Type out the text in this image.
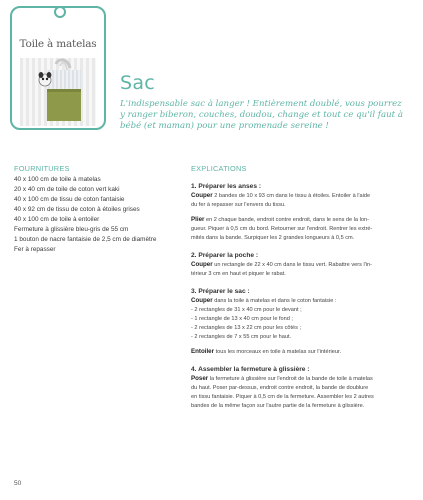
Toile à matelas
Sac
L'indispensable sac à langer ! Entièrement doublé, vous pourrez
y ranger biberon, couches, doudou, change et tout ce qu'il faut à
bébé (et maman) pour une promenade sereine !
FOURNITURES
40 x 100 cm de toile à matelas
20 x 40 cm de toile de coton vert kaki
40 x 100 cm de tissu de coton fantaisie
40 x 92 cm de tissu de coton à étoiles grises
40 x 100 cm de toile à entoiler
Fermeture à glissière bleu-gris de 55 cm
1 bouton de nacre fantaisie de 2,5 cm de diamètre
Fer à repasser
EXPLICATIONS
1. Préparer les anses :
Couper 2 bandes de 10 x 93 cm dans le tissu à étoiles. Entoiler à l'aide
du fer à repasser sur l'envers du tissu.
Plier en 2 chaque bande, endroit contre endroit, dans le sens de la lon-
gueur. Piquer à 0,5 cm du bord. Retourner sur l'endroit. Rentrer les extré-
mités dans la bande. Surpiquer les 2 grandes longueurs à 0,5 cm.
2. Préparer la poche :
Couper un rectangle de 22 x 40 cm dans le tissu vert. Rabattre vers l'in-
térieur 3 cm en haut et piquer le rabat.
3. Préparer le sac :
Couper dans la toile à matelas et dans le coton fantaisie :
- 2 rectangles de 31 x 40 cm pour le devant ;
- 1 rectangle de 13 x 40 cm pour le fond ;
- 2 rectangles de 13 x 22 cm pour les côtés ;
- 2 rectangles de 7 x 55 cm pour le haut.
Entoiler tous les morceaux en toile à matelas sur l'intérieur.
4. Assembler la fermeture à glissière :
Poser la fermeture à glissière sur l'endroit de la bande de toile à matelas
du haut. Poser par-dessus, endroit contre endroit, la bande de doublure
en tissu fantaisie. Piquer à 0,5 cm de la fermeture. Assembler les 2 autres
bandes de la même façon sur l'autre partie de la fermeture à glissière.
50
